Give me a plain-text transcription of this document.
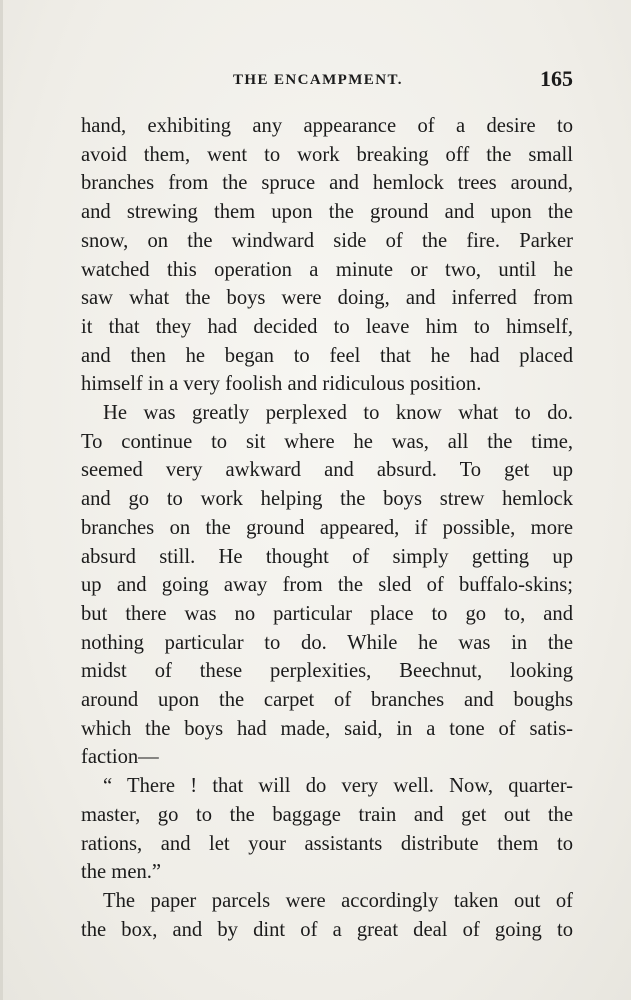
THE ENCAMPMENT.	165

hand, exhibiting any appearance of a desire to
avoid them, went to work breaking off the small
branches from the spruce and hemlock trees around,
and strewing them upon the ground and upon the
snow, on the windward side of the fire. Parker
watched this operation a minute or two, until he
saw what the boys were doing, and inferred from
it that they had decided to leave him to himself,
and then he began to feel that he had placed
himself in a very foolish and ridiculous position.

He was greatly perplexed to know what to do.
To continue to sit where he was, all the time,
seemed very awkward and absurd. To get up
and go to work helping the boys strew hemlock
branches on the ground appeared, if possible, more
absurd still. He thought of simply getting up
up and going away from the sled of buffalo-skins;
but there was no particular place to go to, and
nothing particular to do. While he was in the
midst of these perplexities, Beechnut, looking
around upon the carpet of branches and boughs
which the boys had made, said, in a tone of satis-
faction—

“ There ! that will do very well. Now, quarter-
master, go to the baggage train and get out the
rations, and let your assistants distribute them to
the men.”

The paper parcels were accordingly taken out of
the box, and by dint of a great deal of going to
